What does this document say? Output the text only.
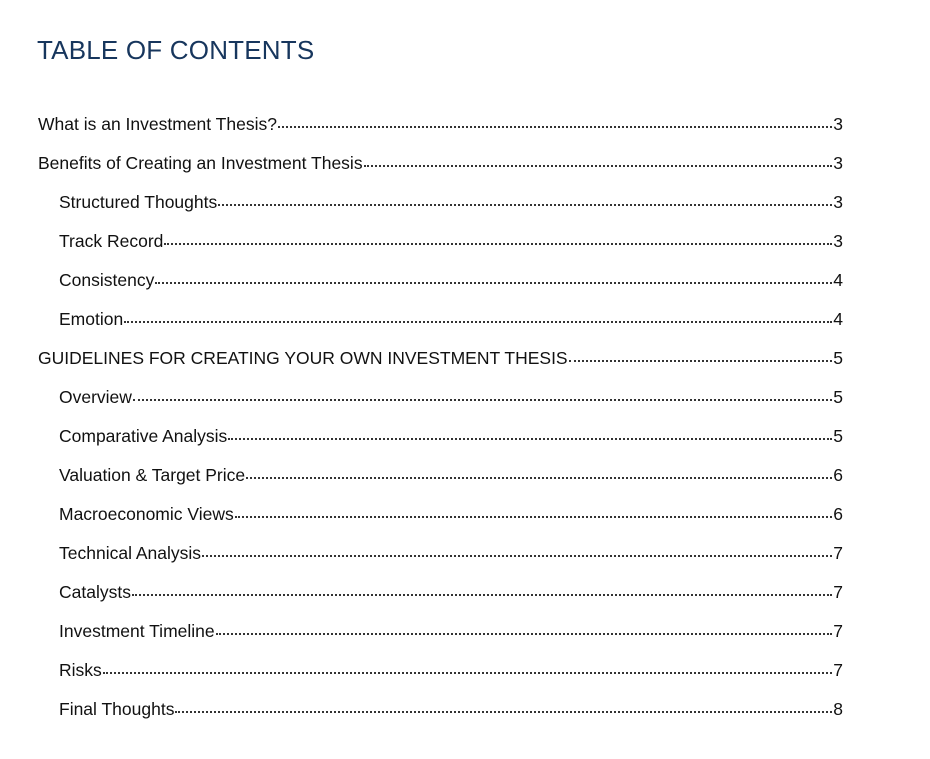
TABLE OF CONTENTS
What is an Investment Thesis?	3
Benefits of Creating an Investment Thesis	3
Structured Thoughts	3
Track Record	3
Consistency	4
Emotion	4
GUIDELINES FOR CREATING YOUR OWN INVESTMENT THESIS	5
Overview	5
Comparative Analysis	5
Valuation & Target Price	6
Macroeconomic Views	6
Technical Analysis	7
Catalysts	7
Investment Timeline	7
Risks	7
Final Thoughts	8
